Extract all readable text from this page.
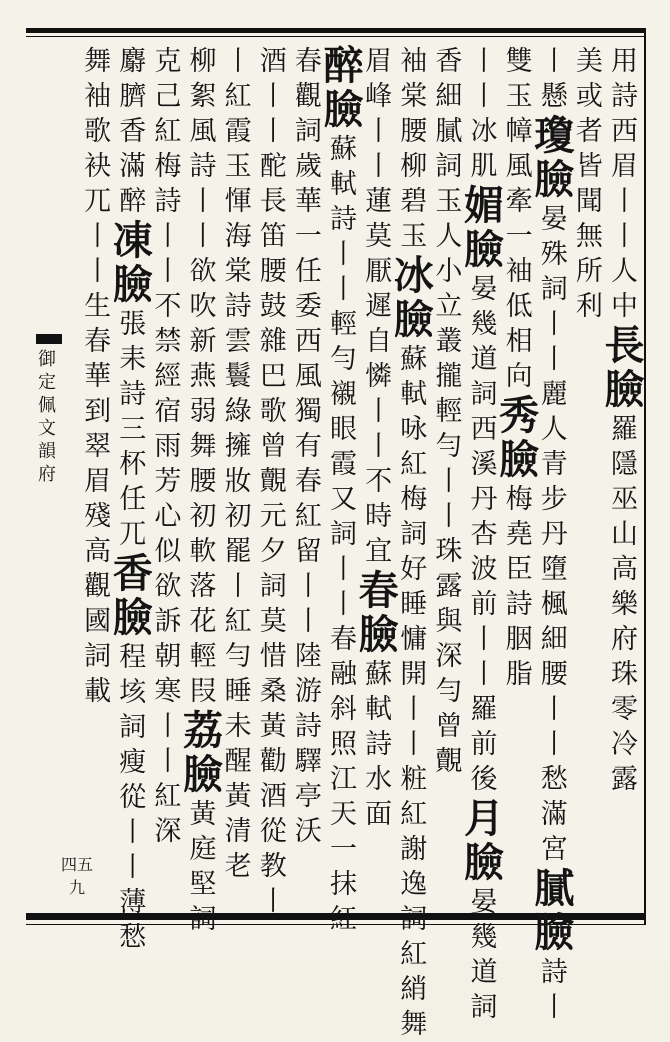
御
定
佩
文
韻
府
四五九
用
詩
西
眉
丨
丨
人
中
長
臉
羅
隱
巫
山
高
樂
府
珠
零
冷
露
美
或
者
皆
聞
無
所
利
丨
懸
瓊
臉
晏
殊
詞
丨
丨
麗
人
青
步
丹
墮
楓
細
腰
丨
丨
愁
滿
宮
膩
臉
詩
丨
雙
玉
幛
風
牽
一
袖
低
相
向
秀
臉
梅
堯
臣
詩
胭
脂
丨
丨
冰
肌
媚
臉
晏
幾
道
詞
西
溪
丹
杏
波
前
丨
丨
羅
前
後
月
臉
晏
幾
道
詞
香
細
膩
詞
玉
人
小
立
叢
攏
輕
勻
丨
丨
珠
露
與
深
勻
曾
覿
袖
棠
腰
柳
碧
玉
冰
臉
蘇
軾
咏
紅
梅
詞
好
睡
慵
開
丨
丨
粧
紅
謝
逸
詞
紅
綃
舞
眉
峰
丨
丨
蓮
莫
厭
遲
自
憐
丨
丨
不
時
宜
春
臉
蘇
軾
詩
水
面
醉
臉
蘇
軾
詩
丨
丨
輕
勻
襯
眼
霞
又
詞
丨
丨
春
融
斜
照
江
天
一
抹
紅
春
觀
詞
歲
華
一
任
委
西
風
獨
有
春
紅
留
丨
丨
陸
游
詩
驛
亭
沃
酒
丨
丨
酡
長
笛
腰
鼓
雜
巴
歌
曾
覿
元
夕
詞
莫
惜
桑
黃
勸
酒
從
教
丨
丨
紅
霞
玉
惲
海
棠
詩
雲
鬟
綠
擁
妝
初
罷
丨
紅
勻
睡
未
醒
黃
清
老
柳
絮
風
詩
丨
丨
欲
吹
新
燕
弱
舞
腰
初
軟
落
花
輕
叚
荔
臉
黃
庭
堅
詞
克
己
紅
梅
詩
丨
丨
不
禁
經
宿
雨
芳
心
似
欲
訴
朝
寒
丨
丨
紅
深
麝
臍
香
滿
醉
凍
臉
張
耒
詩
三
杯
任
兀
香
臉
程
垓
詞
瘦
從
丨
丨
薄
愁
舞
袖
歌
袂
兀
丨
丨
生
春
華
到
翠
眉
殘
高
觀
國
詞
載
